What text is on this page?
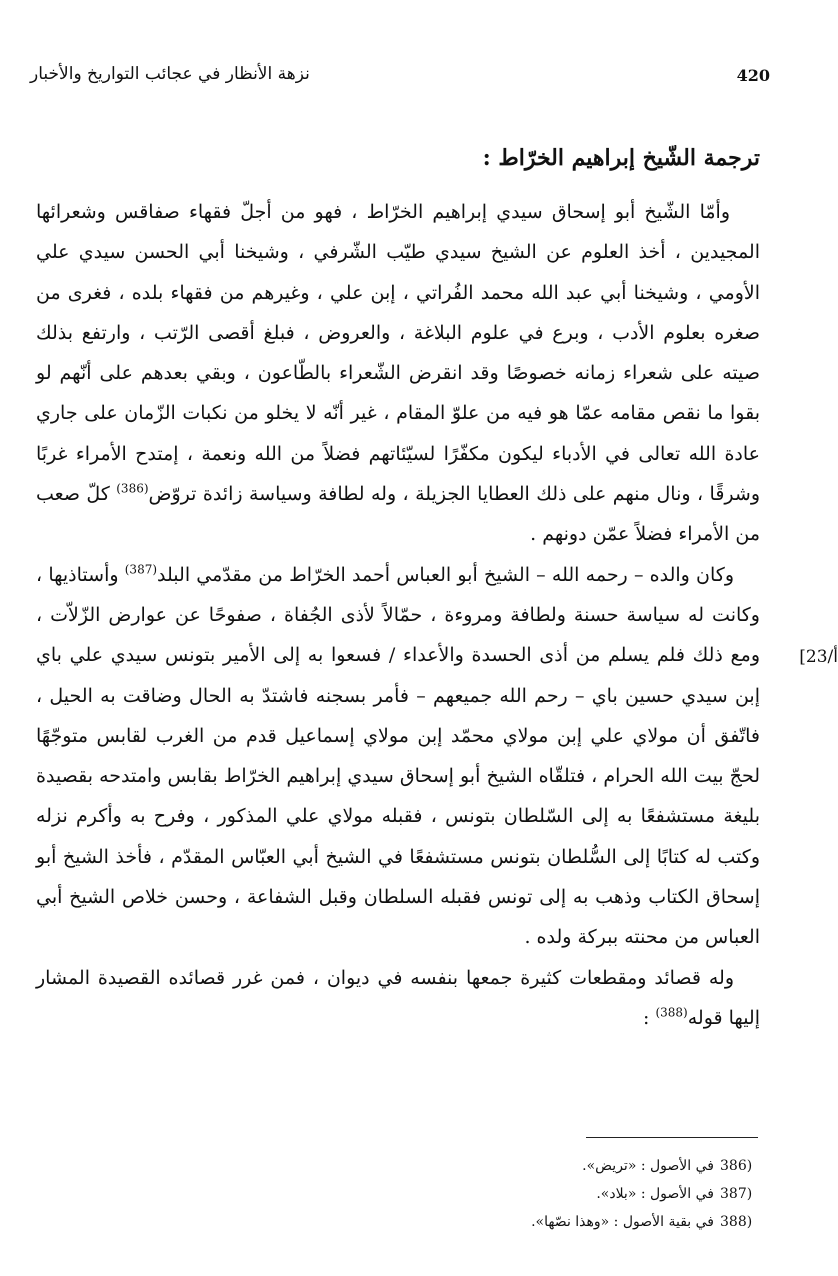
نزهة الأنظار في عجائب التواريخ والأخبار	420
ترجمة الشّيخ إبراهيم الخرّاط :

وأمّا الشّيخ أبو إسحاق سيدي إبراهيم الخرّاط ، فهو من أجلّ فقهاء صفاقس وشعرائها المجيدين ، أخذ العلوم عن الشيخ سيدي طيّب الشّرفي ، وشيخنا أبي الحسن سيدي علي الأومي ، وشيخنا أبي عبد الله محمد الفُراتي ، إبن علي ، وغيرهم من فقهاء بلده ، فغرى من صغره بعلوم الأدب ، وبرع في علوم البلاغة ، والعروض ، فبلغ أقصى الرّتب ، وارتفع بذلك صيته على شعراء زمانه خصوصًا وقد انقرض الشّعراء بالطّاعون ، وبقي بعدهم على أنّهم لو بقوا ما نقص مقامه عمّا هو فيه من علوّ المقام ، غير أنّه لا يخلو من نكبات الزّمان على جاري عادة الله تعالى في الأدباء ليكون مكفّرًا لسيّئاتهم فضلاً من الله ونعمة ، إمتدح الأمراء غربًا وشرقًا ، ونال منهم على ذلك العطايا الجزيلة ، وله لطافة وسياسة زائدة تروّض$^{(386)}$ كلّ صعب من الأمراء فضلاً عمّن دونهم .

وكان والده – رحمه الله – الشيخ أبو العباس أحمد الخرّاط من مقدّمي البلد$^{(387)}$ وأستاذيها ، وكانت له سياسة حسنة ولطافة ومروءة ، حمّالاً لأذى الجُفاة ، صفوحًا عن عوارض الزّلاّت ، ومع ذلك فلم يسلم من أذى الحسدة والأعداء / فسعوا به إلى الأمير بتونس سيدي علي باي إبن سيدي حسين باي – رحم الله جميعهم – فأمر بسجنه فاشتدّ به الحال وضاقت به الحيل ، فاتّفق أن مولاي علي إبن مولاي محمّد إبن مولاي إسماعيل قدم من الغرب لقابس متوجّهًا لحجّ بيت الله الحرام ، فتلقّاه الشيخ أبو إسحاق سيدي إبراهيم الخرّاط بقابس وامتدحه بقصيدة بليغة مستشفعًا به إلى السّلطان بتونس ، فقبله مولاي علي المذكور ، وفرح به وأكرم نزله وكتب له كتابًا إلى السُّلطان بتونس مستشفعًا في الشيخ أبي العبّاس المقدّم ، فأخذ الشيخ أبو إسحاق الكتاب وذهب به إلى تونس فقبله السلطان وقبل الشفاعة ، وحسن خلاص الشيخ أبي العباس من محنته ببركة ولده .

وله قصائد ومقطعات كثيرة جمعها بنفسه في ديوان ، فمن غرر قصائده القصيدة المشار إليها قوله$^{(388)}$ :

[23/أ
386)في الأصول : «تريض».
387)في الأصول : «بلاد».
388)في بقية الأصول : «وهذا نصّها».
